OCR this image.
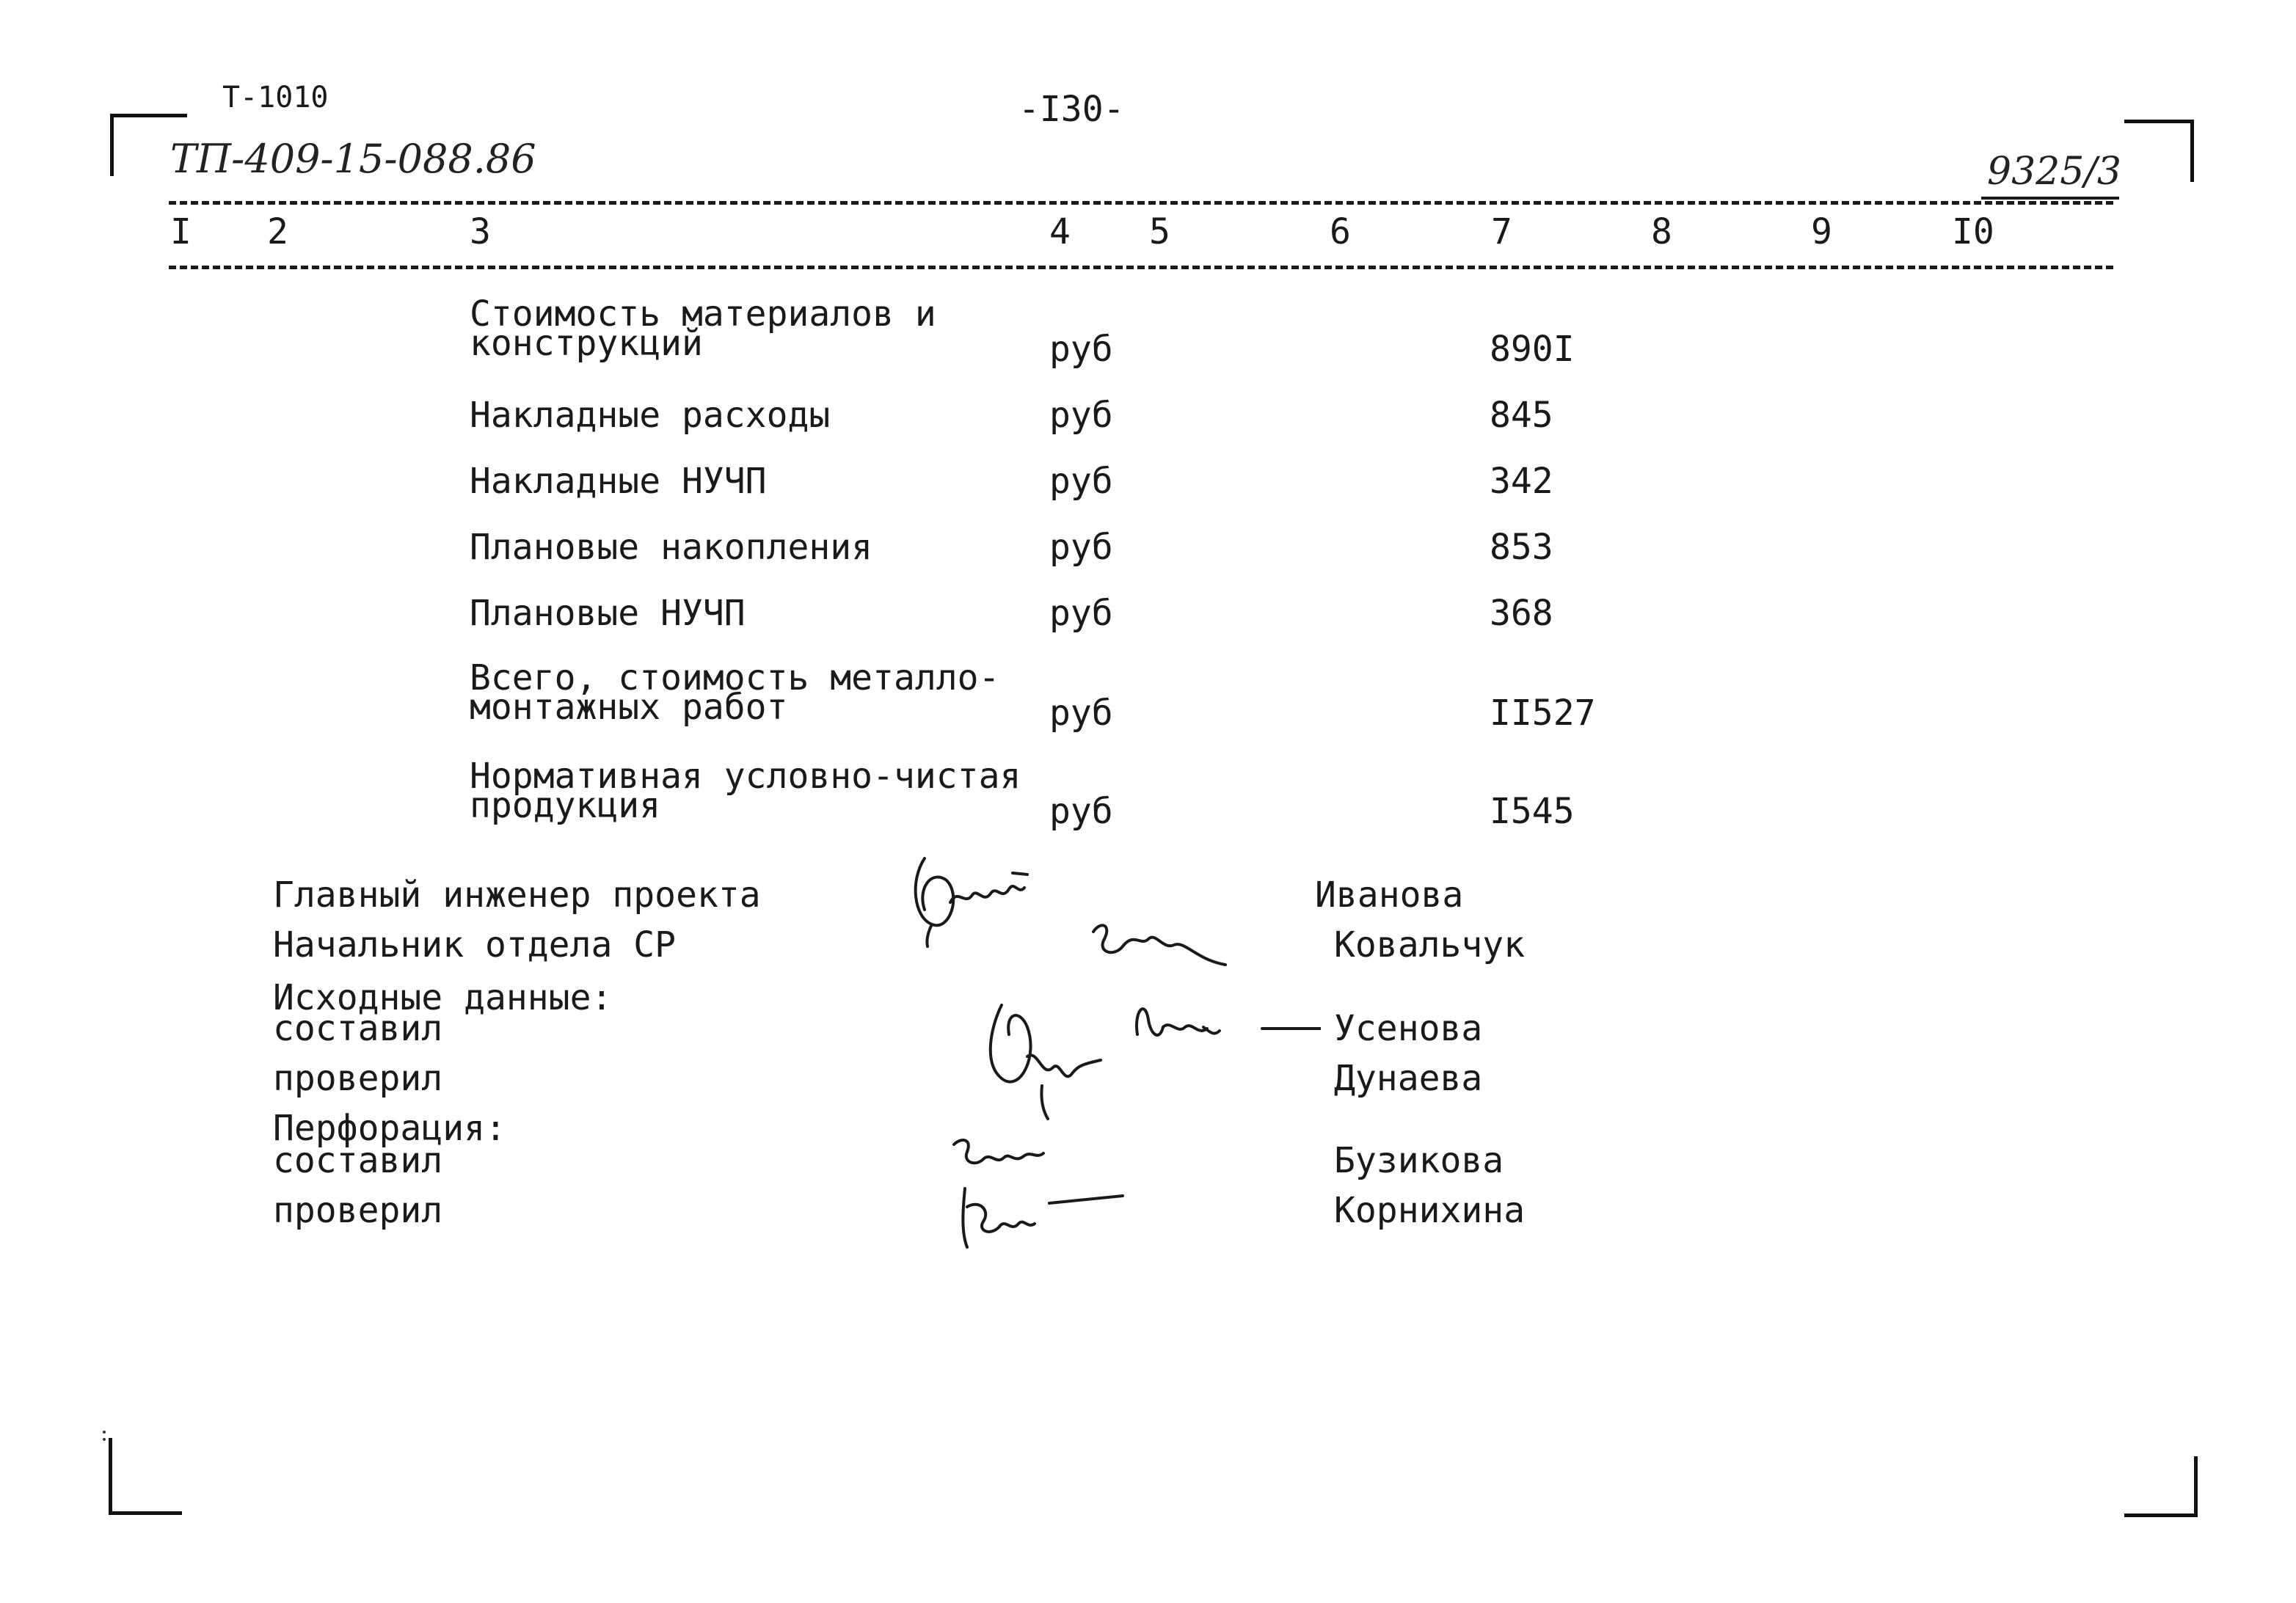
Т-1010	-I30-
ТП-409-15-088.86	9325/3
I 2	3	4 5	6	7	8	9	I0
Стоимость материалов и
конструкций	руб	890I
Накладные расходы	руб	845
Накладные НУЧП	руб	342
Плановые накопления	руб	853
Плановые НУЧП	руб	368
Всего, стоимость металло-
монтажных работ	руб	II527
Нормативная условно-чистая
продукция	руб	I545
Главный инженер проекта	Иванова
Начальник отдела СР	Ковальчук
Исходные данные:
составил	Усенова
проверил	Дунаева
Перфорация:
составил	Бузикова
проверил	Корнихина
